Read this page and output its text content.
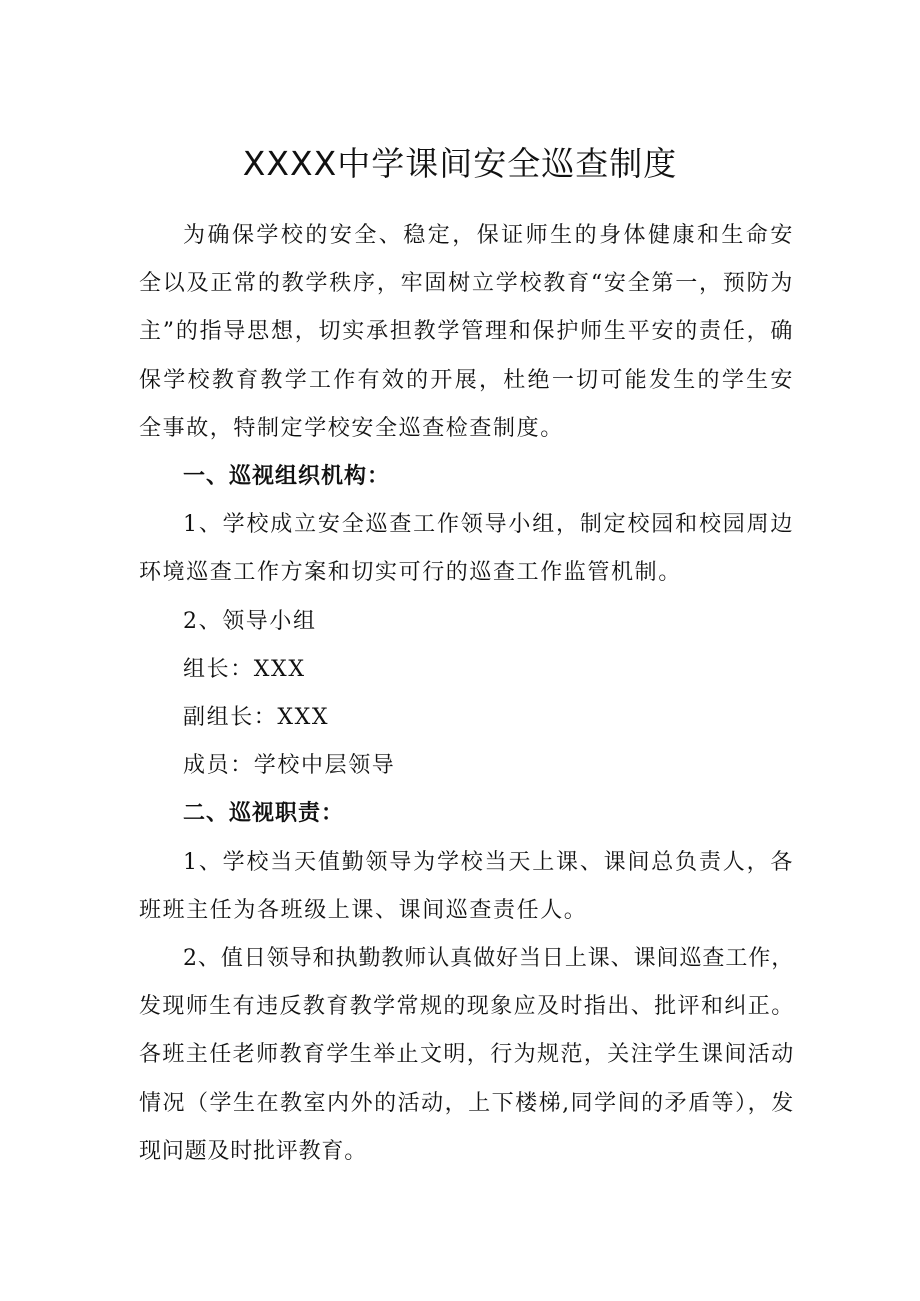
XXXX中学课间安全巡查制度

为确保学校的安全、稳定，保证师生的身体健康和生命安全以及正常的教学秩序，牢固树立学校教育“安全第一，预防为主”的指导思想，切实承担教学管理和保护师生平安的责任，确保学校教育教学工作有效的开展，杜绝一切可能发生的学生安全事故，特制定学校安全巡查检查制度。

一、巡视组织机构：

1、学校成立安全巡查工作领导小组，制定校园和校园周边环境巡查工作方案和切实可行的巡查工作监管机制。

2、领导小组

组长：XXX

副组长：XXX

成员：学校中层领导

二、巡视职责：

1、学校当天值勤领导为学校当天上课、课间总负责人，各班班主任为各班级上课、课间巡查责任人。

2、值日领导和执勤教师认真做好当日上课、课间巡查工作，发现师生有违反教育教学常规的现象应及时指出、批评和纠正。各班主任老师教育学生举止文明，行为规范，关注学生课间活动情况（学生在教室内外的活动，上下楼梯,同学间的矛盾等），发现问题及时批评教育。
